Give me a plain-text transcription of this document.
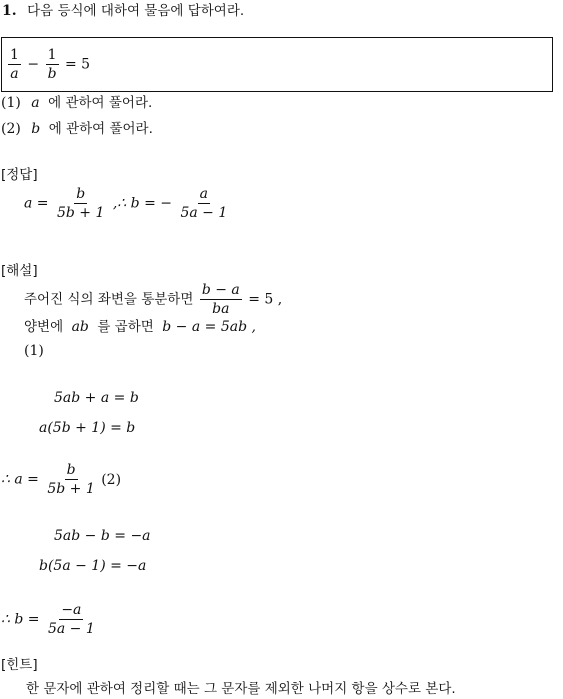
1. 다음 등식에 대하여 물음에 답하여라.
$\frac{1}{a} - \frac{1}{b} = 5$
(1) a 에 관하여 풀어라.
(2) b 에 관하여 풀어라.
[정답]
$a = \frac{b}{5b + 1}$ ,∴ b = − $\frac{a}{5a - 1}$
[해설]
주어진 식의 좌변을 통분하면 $\frac{b - a}{ba} = 5$ ,
양변에 ab 를 곱하면 b − a = 5ab ,
(1)
5ab + a = b
a(5b + 1) = b
∴ $a = \frac{b}{5b + 1} (2)$
5ab − b = −a
b(5a − 1) = −a
∴ $b = \frac{-a}{5a - 1}$
[힌트]
한 문자에 관하여 정리할 때는 그 문자를 제외한 나머지 항을 상수로 본다.
